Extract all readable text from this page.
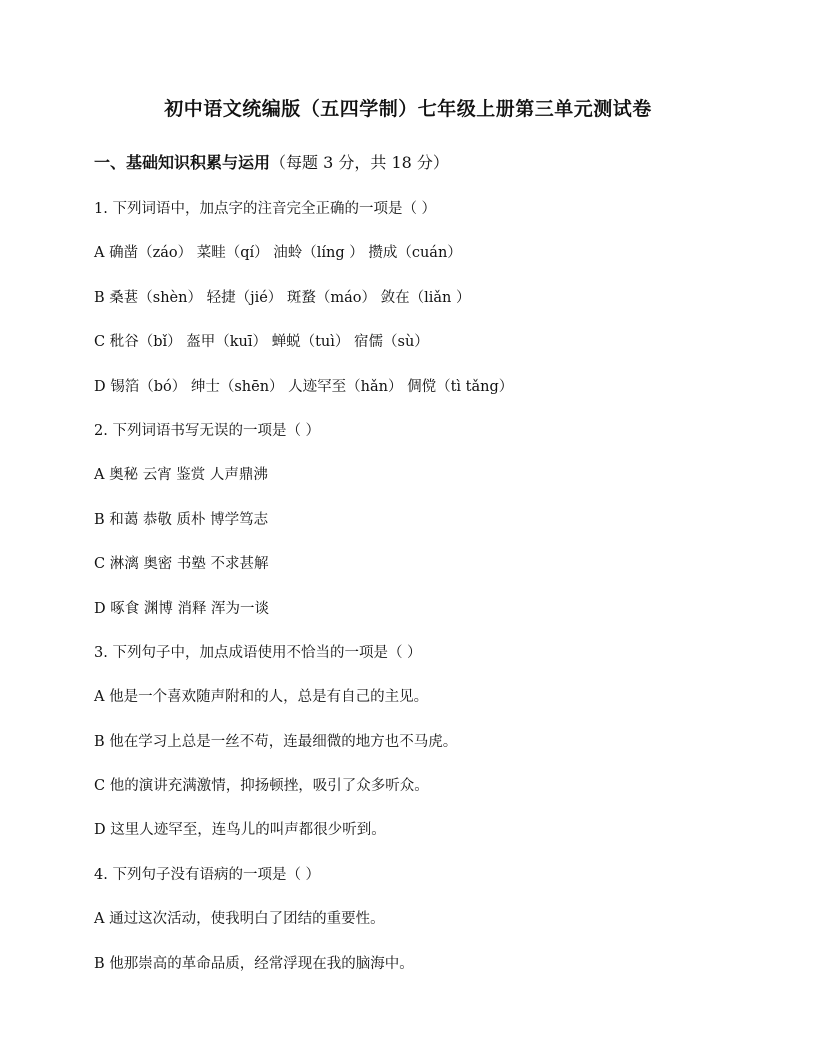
初中语文统编版（五四学制）七年级上册第三单元测试卷
一、基础知识积累与运用（每题 3 分，共 18 分）
1. 下列词语中，加点字的注音完全正确的一项是（ ）
A 确凿（záo） 菜畦（qí） 油蛉（líng ） 攒成（cuán）
B 桑葚（shèn） 轻捷（jié） 斑蝥（máo） 敛在（liǎn ）
C 秕谷（bǐ） 盔甲（kuī） 蝉蜕（tuì） 宿儒（sù）
D 锡箔（bó） 绅士（shēn） 人迹罕至（hǎn） 倜傥（tì tǎng）
2. 下列词语书写无误的一项是（ ）
A 奥秘 云宵 鉴赏 人声鼎沸
B 和蔼 恭敬 质朴 博学笃志
C 淋漓 奥密 书塾 不求甚解
D 啄食 渊博 消释 浑为一谈
3. 下列句子中，加点成语使用不恰当的一项是（ ）
A 他是一个喜欢随声附和的人，总是有自己的主见。
B 他在学习上总是一丝不苟，连最细微的地方也不马虎。
C 他的演讲充满激情，抑扬顿挫，吸引了众多听众。
D 这里人迹罕至，连鸟儿的叫声都很少听到。
4. 下列句子没有语病的一项是（ ）
A 通过这次活动，使我明白了团结的重要性。
B 他那崇高的革命品质，经常浮现在我的脑海中。
